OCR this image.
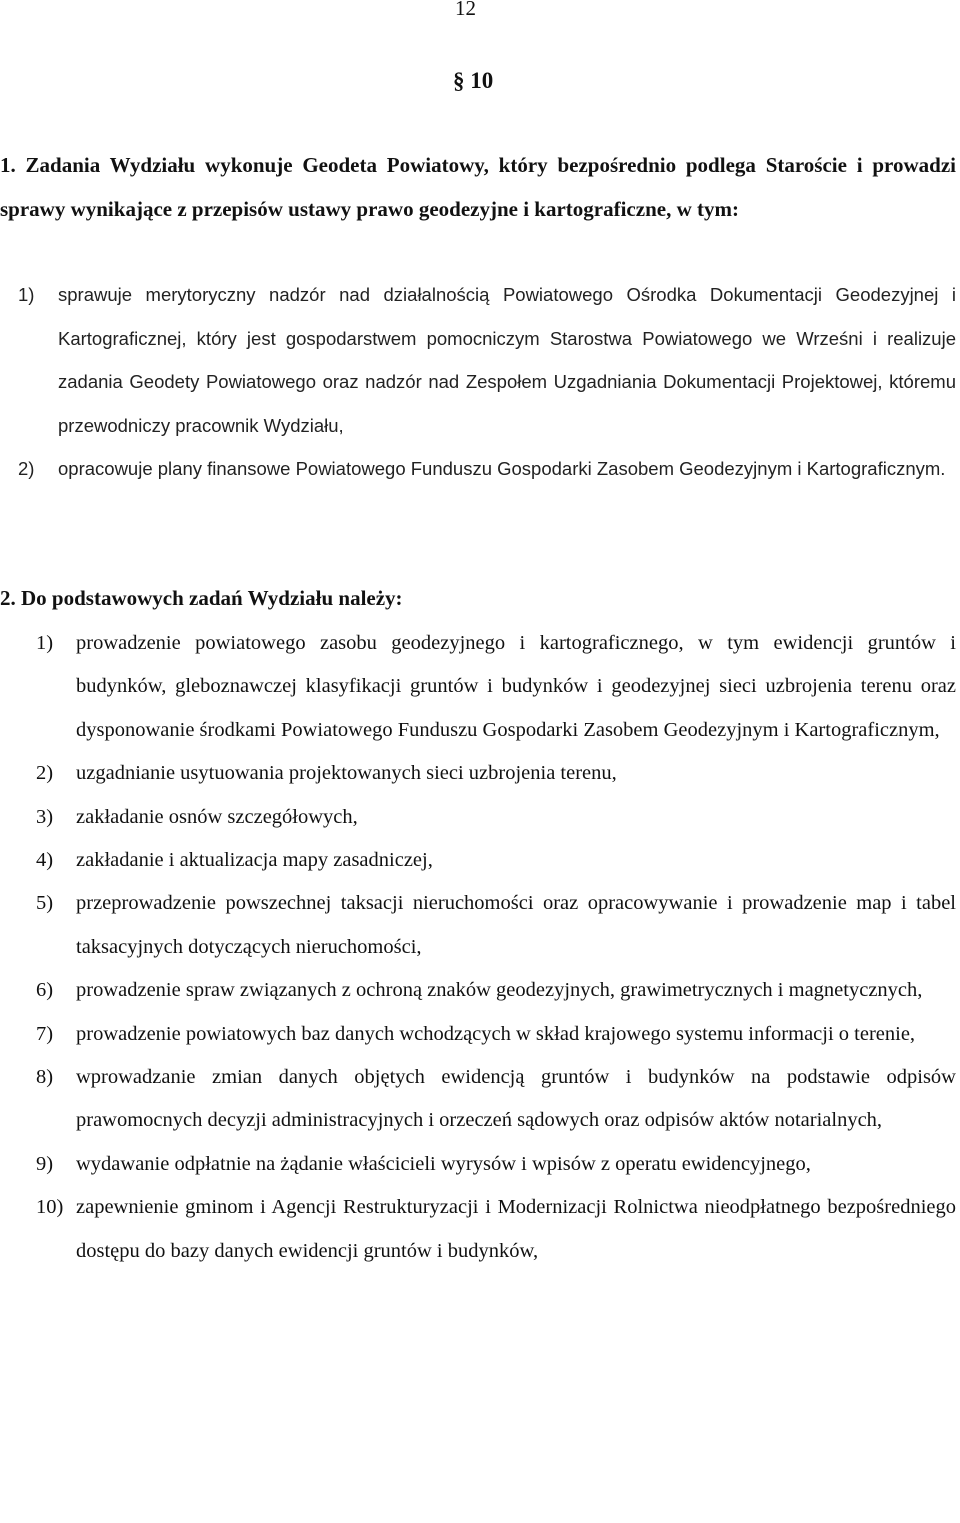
12
§ 10
1. Zadania Wydziału wykonuje Geodeta Powiatowy, który bezpośrednio podlega Staroście i prowadzi sprawy wynikające z przepisów ustawy prawo geodezyjne i kartograficzne, w tym:
1) sprawuje merytoryczny nadzór nad działalnością Powiatowego Ośrodka Dokumentacji Geodezyjnej i Kartograficznej, który jest gospodarstwem pomocniczym Starostwa Powiatowego we Wrześni i realizuje zadania Geodety Powiatowego oraz nadzór nad Zespołem Uzgadniania Dokumentacji Projektowej, któremu przewodniczy pracownik Wydziału,
2) opracowuje plany finansowe Powiatowego Funduszu Gospodarki Zasobem Geodezyjnym i Kartograficznym.
2. Do podstawowych zadań Wydziału należy:
1) prowadzenie powiatowego zasobu geodezyjnego i kartograficznego, w tym ewidencji gruntów i budynków, gleboznawczej klasyfikacji gruntów i budynków i geodezyjnej sieci uzbrojenia terenu oraz dysponowanie środkami Powiatowego Funduszu Gospodarki Zasobem Geodezyjnym i Kartograficznym,
2) uzgadnianie usytuowania projektowanych sieci uzbrojenia terenu,
3) zakładanie osnów szczegółowych,
4) zakładanie i aktualizacja mapy zasadniczej,
5) przeprowadzenie powszechnej taksacji nieruchomości oraz opracowywanie i prowadzenie map i tabel taksacyjnych dotyczących nieruchomości,
6) prowadzenie spraw związanych z ochroną znaków geodezyjnych, grawimetrycznych i magnetycznych,
7) prowadzenie powiatowych baz danych wchodzących w skład krajowego systemu informacji o terenie,
8) wprowadzanie zmian danych objętych ewidencją gruntów i budynków na podstawie odpisów prawomocnych decyzji administracyjnych i orzeczeń sądowych oraz odpisów aktów notarialnych,
9) wydawanie odpłatnie na żądanie właścicieli wyrysów i wpisów z operatu ewidencyjnego,
10) zapewnienie gminom i Agencji Restrukturyzacji i Modernizacji Rolnictwa nieodpłatnego bezpośredniego dostępu do bazy danych ewidencji gruntów i budynków,
